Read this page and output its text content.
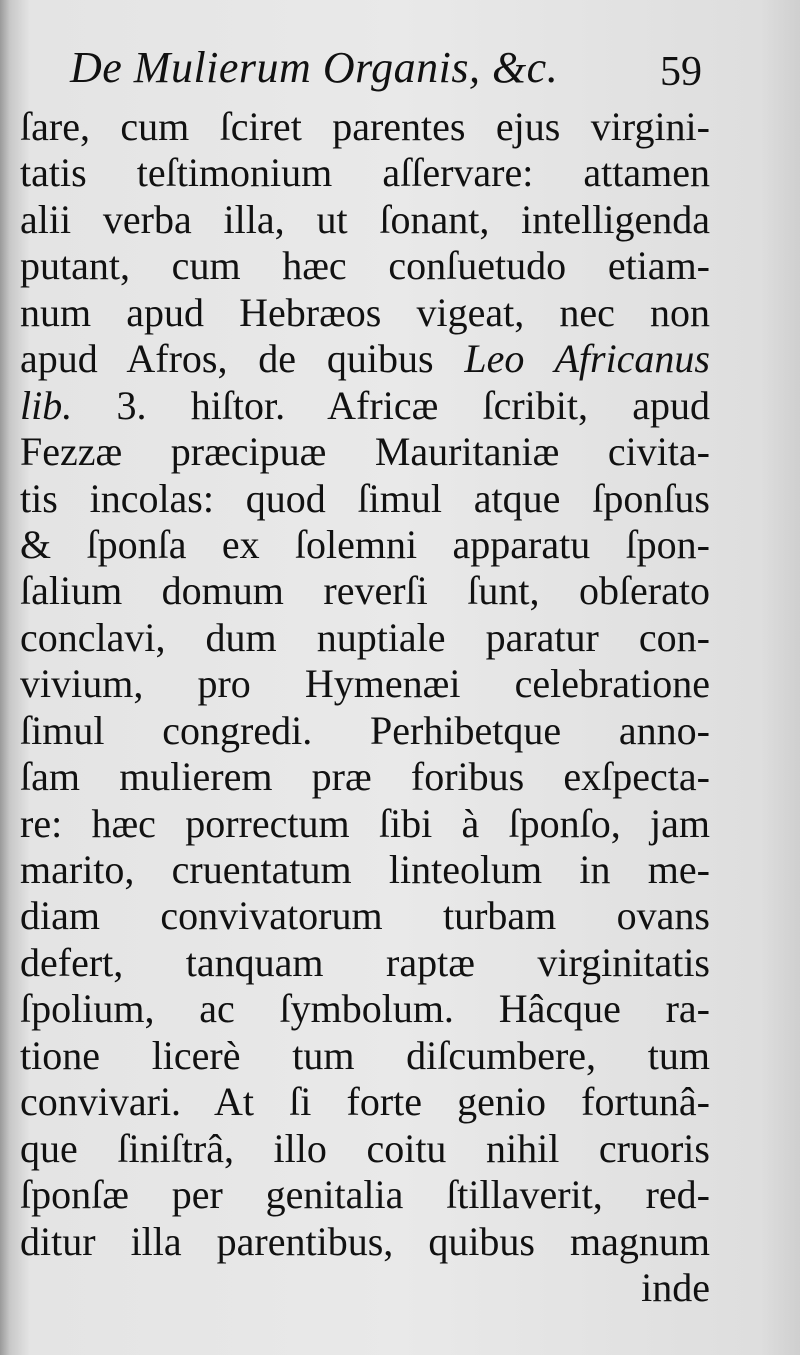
De Mulierum Organis, &c. 59
ſare, cum ſciret parentes ejus virgini-
tatis teſtimonium aſſervare: attamen
alii verba illa, ut ſonant, intelligenda
putant, cum hæc conſuetudo etiam-
num apud Hebræos vigeat, nec non
apud Afros, de quibus Leo Africanus
lib. 3. hiſtor. Africæ ſcribit, apud
Fezzæ præcipuæ Mauritaniæ civita-
tis incolas: quod ſimul atque ſponſus
& ſponſa ex ſolemni apparatu ſpon-
ſalium domum reverſi ſunt, obſerato
conclavi, dum nuptiale paratur con-
vivium, pro Hymenæi celebratione
ſimul congredi. Perhibetque anno-
ſam mulierem præ foribus exſpectа-
re: hæc porrectum ſibi à ſponſo, jam
marito, cruentatum linteolum in me-
diam convivatorum turbam ovans
defert, tanquam raptæ virginitatis
ſpolium, ac ſymbolum. Hâcque ra-
tione licerè tum diſcumbere, tum
convivari. At ſi forte genio fortunâ-
que ſiniſtrâ, illo coitu nihil cruoris
ſponſæ per genitalia ſtillaverit, red-
ditur illa parentibus, quibus magnum
inde
